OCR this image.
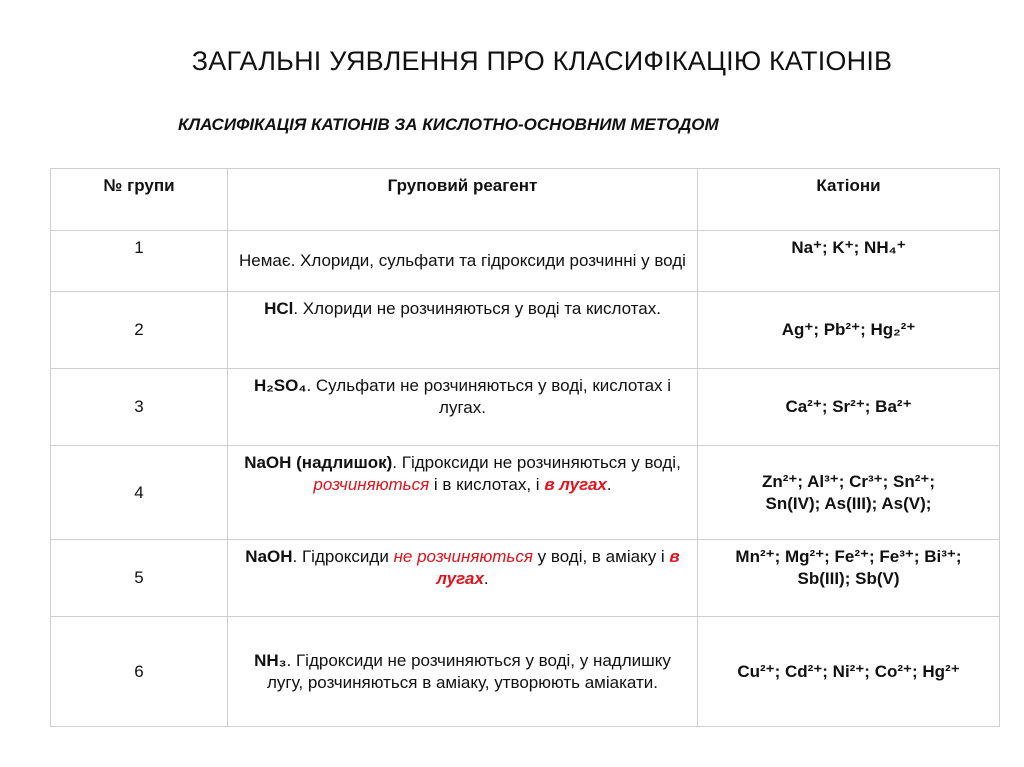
ЗАГАЛЬНІ УЯВЛЕННЯ ПРО КЛАСИФІКАЦІЮ КАТІОНІВ
КЛАСИФІКАЦІЯ КАТІОНІВ ЗА КИСЛОТНО-ОСНОВНИМ МЕТОДОМ
№ групи	Груповий реагент	Катіони
1	Немає. Хлориди, сульфати та гідроксиди розчинні у воді	Na⁺; K⁺; NH₄⁺
2	HCl. Хлориди не розчиняються у воді та кислотах.	Ag⁺; Pb²⁺; Hg₂²⁺
3	H₂SO₄. Сульфати не розчиняються у воді, кислотах і лугах.	Ca²⁺; Sr²⁺; Ba²⁺
4	NaOH (надлишок). Гідроксиди не розчиняються у воді, розчиняються і в кислотах, і в лугах.	Zn²⁺; Al³⁺; Cr³⁺; Sn²⁺;
Sn(IV); As(III); As(V);

5	NaOH. Гідроксиди не розчиняються у воді, в аміаку і в лугах.	Mn²⁺; Mg²⁺; Fe²⁺; Fe³⁺; Bi³⁺;
Sb(III); Sb(V)

6	NH₃. Гідроксиди не розчиняються у воді, у надлишку лугу, розчиняються в аміаку, утворюють аміакати.	Cu²⁺; Cd²⁺; Ni²⁺; Co²⁺; Hg²⁺
